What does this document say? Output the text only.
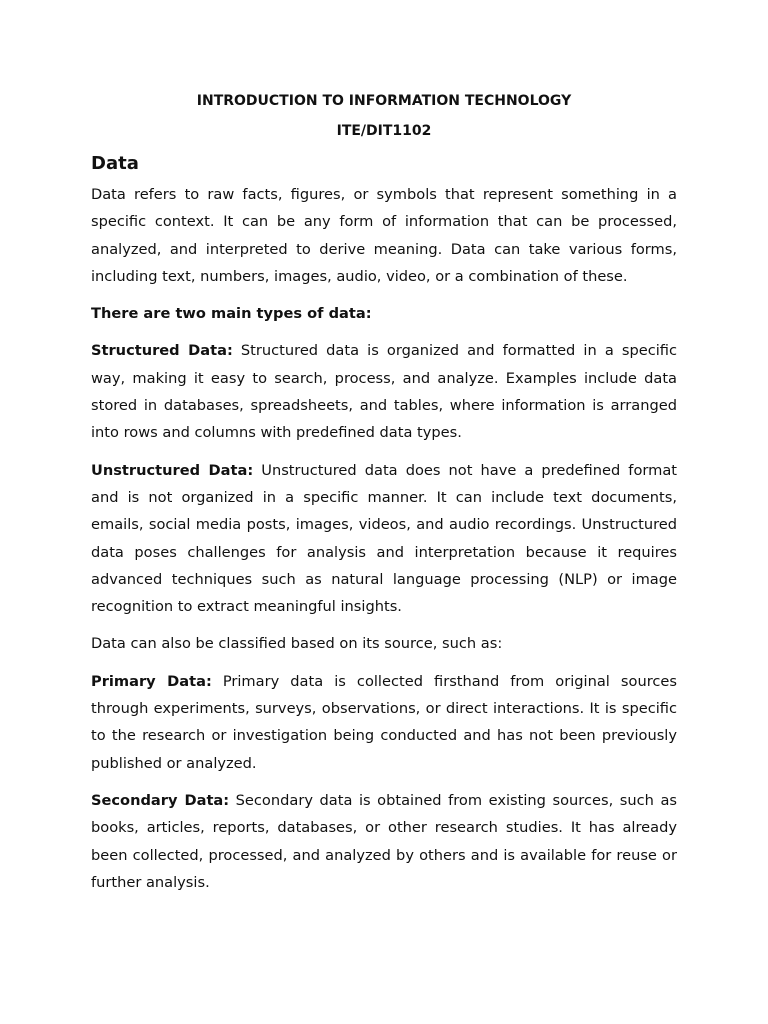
INTRODUCTION TO INFORMATION TECHNOLOGY
ITE/DIT1102
Data

Data refers to raw facts, figures, or symbols that represent something in a specific context. It can be any form of information that can be processed, analyzed, and interpreted to derive meaning. Data can take various forms, including text, numbers, images, audio, video, or a combination of these.

There are two main types of data:

Structured Data: Structured data is organized and formatted in a specific way, making it easy to search, process, and analyze. Examples include data stored in databases, spreadsheets, and tables, where information is arranged into rows and columns with predefined data types.

Unstructured Data: Unstructured data does not have a predefined format and is not organized in a specific manner. It can include text documents, emails, social media posts, images, videos, and audio recordings. Unstructured data poses challenges for analysis and interpretation because it requires advanced techniques such as natural language processing (NLP) or image recognition to extract meaningful insights.

Data can also be classified based on its source, such as:

Primary Data: Primary data is collected firsthand from original sources through experiments, surveys, observations, or direct interactions. It is specific to the research or investigation being conducted and has not been previously published or analyzed.

Secondary Data: Secondary data is obtained from existing sources, such as books, articles, reports, databases, or other research studies. It has already been collected, processed, and analyzed by others and is available for reuse or further analysis.
